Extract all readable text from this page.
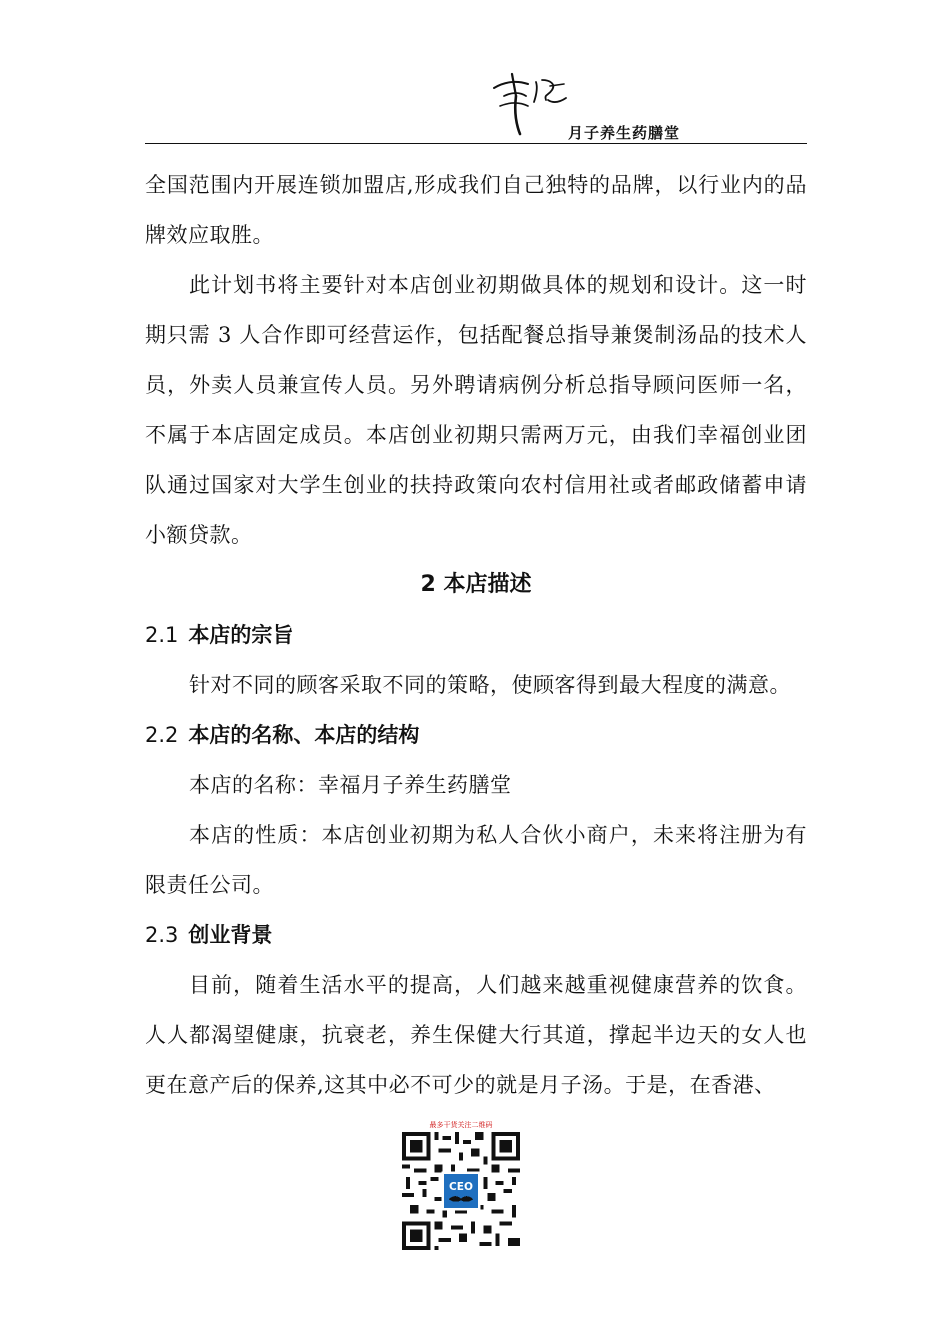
月子养生药膳堂

全国范围内开展连锁加盟店,形成我们自己独特的品牌，以行业内的品牌效应取胜。

此计划书将主要针对本店创业初期做具体的规划和设计。这一时期只需 3 人合作即可经营运作，包括配餐总指导兼煲制汤品的技术人员，外卖人员兼宣传人员。另外聘请病例分析总指导顾问医师一名，不属于本店固定成员。本店创业初期只需两万元，由我们幸福创业团队通过国家对大学生创业的扶持政策向农村信用社或者邮政储蓄申请小额贷款。

2 本店描述
2.1 本店的宗旨

针对不同的顾客采取不同的策略，使顾客得到最大程度的满意。

2.2 本店的名称、本店的结构

本店的名称：幸福月子养生药膳堂

本店的性质：本店创业初期为私人合伙小商户，未来将注册为有限责任公司。

2.3 创业背景

目前，随着生活水平的提高，人们越来越重视健康营养的饮食。人人都渴望健康，抗衰老，养生保健大行其道，撑起半边天的女人也更在意产后的保养,这其中必不可少的就是月子汤。于是，在香港、

最多干货关注二维码
CEO
